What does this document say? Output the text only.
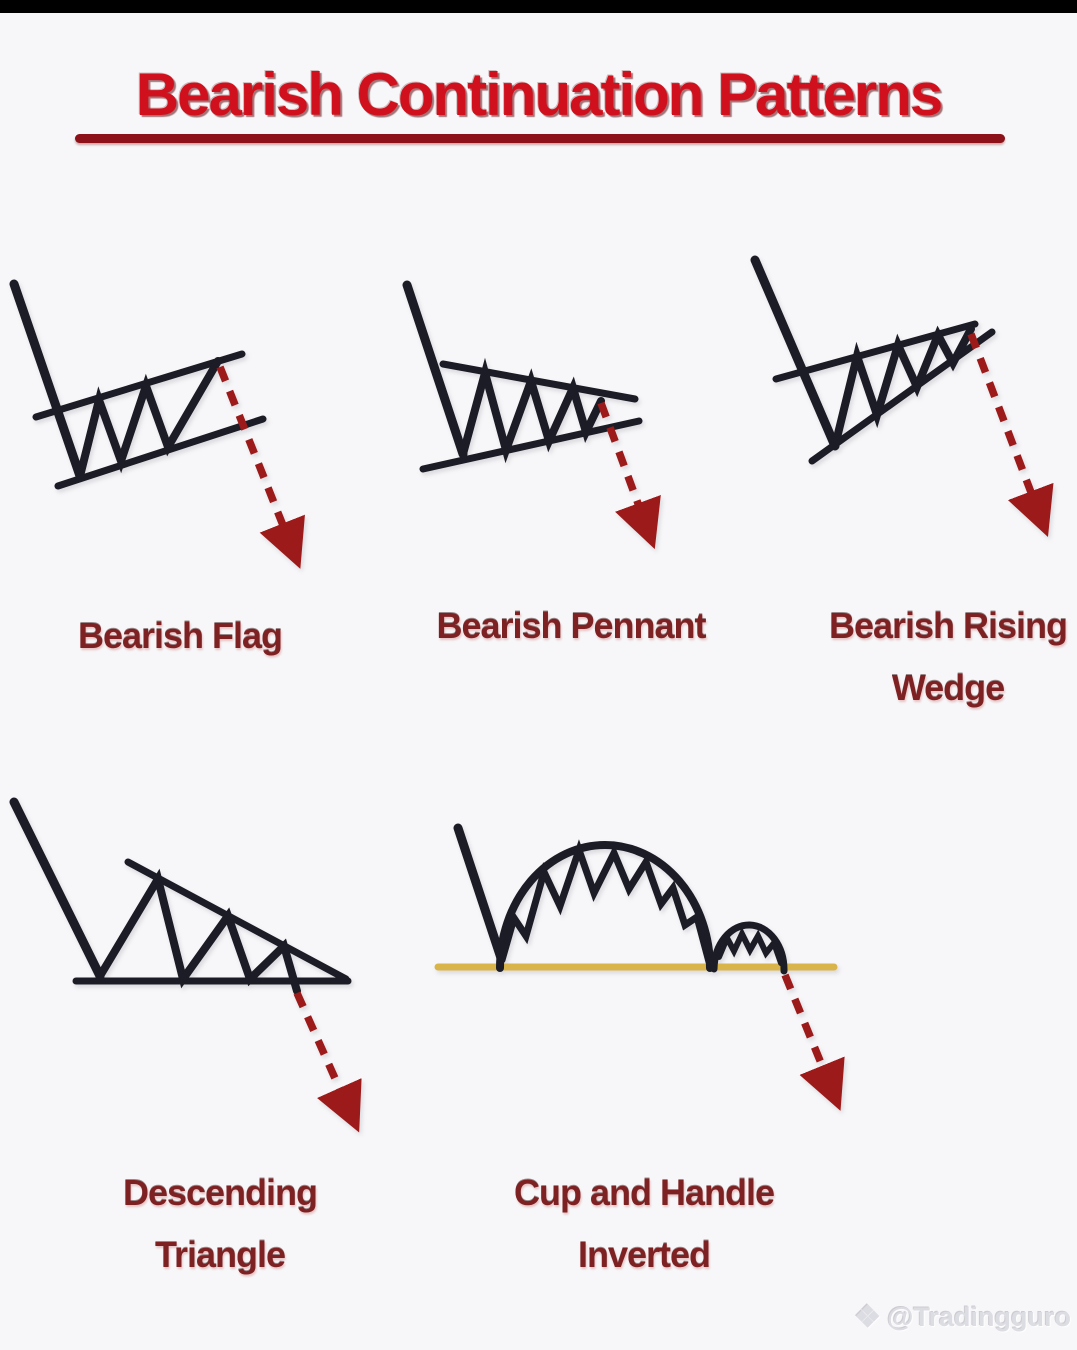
Bearish Continuation Patterns
Bearish Flag	Bearish Pennant	Bearish Rising
Wedge
Descending
Triangle
Cup and Handle
Inverted
❖ @Tradingguro
